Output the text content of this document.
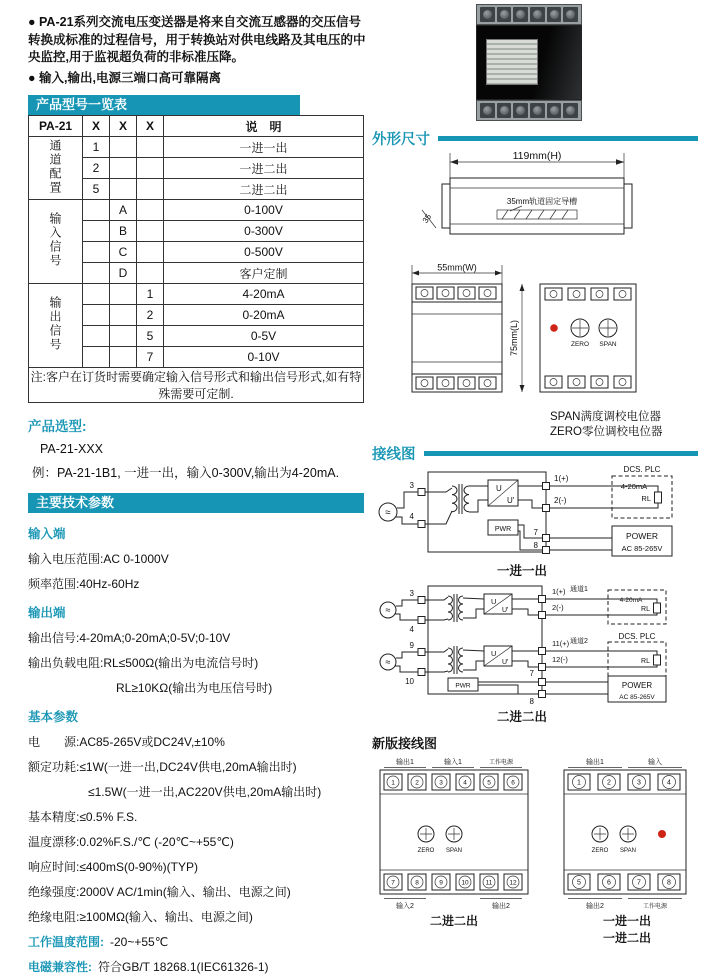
● PA-21系列交流电压变送器是将来自交流互感器的交压信号转换成标准的过程信号，用于转换站对供电线路及其电压的中央监控,用于监视超负荷的非标准压降。

● 输入,输出,电源三端口高可靠隔离

产品型号一览表
PA-21	X	X	X	说　明
通道配置	1			一进一出
	2			一进二出
	5			二进二出
输入信号		A		0-100V
		B		0-300V
		C		0-500V
		D		客户定制
输出信号			1	4-20mA
			2	0-20mA
			5	0-5V
			7	0-10V
注:客户在订货时需要确定输入信号形式和输出信号形式,如有特殊需要可定制.				
产品选型:
PA-21-XXX
例：PA-21-1B1, 一进一出，输入0-300V,输出为4-20mA.
主要技术参数
输入端

输入电压范围:AC 0-1000V

频率范围:40Hz-60Hz

输出端

输出信号:4-20mA;0-20mA;0-5V;0-10V

输出负载电阻:RL≤500Ω(输出为电流信号时)

RL≥10KΩ(输出为电压信号时)

基本参数

电　　源:AC85-265V或DC24V,±10%

额定功耗:≤1W(一进一出,DC24V供电,20mA输出时)

≤1.5W(一进一出,AC220V供电,20mA输出时)

基本精度:≤0.5% F.S.

温度漂移:0.02%F.S./℃ (-20℃~+55℃)

响应时间:≤400mS(0-90%)(TYP)

绝缘强度:2000V AC/1min(输入、输出、电源之间)

绝缘电阻:≥100MΩ(输入、输出、电源之间)

工作温度范围: -20~+55℃

电磁兼容性: 符合GB/T 18268.1(IEC61326-1)

外形尺寸
119mm(H)
35mm轨道固定导槽
35
55mm(W)
75mm(L)	ZERO SPAN
SPAN满度调校电位器
ZERO零位调校电位器
接线图
≈
3
4
U
U'
PWR
1(+)
2(-)
DCS. PLC
4-20mA
RL
7
8
POWER
AC 85-265V
一进一出
≈
3
4
U
U'
1(+)
2(-)
通道1
4-20mA
RL
DCS. PLC
≈
9
10
U
U'
11(+)
12(-)
通道2
RL
PWR
7
8
POWER
AC 85-265V
二进二出
新版接线图
输出1	输入1	工作电源
1	2	3	4	5	6
ZERO SPAN
7	8	9	10	11	12
输入2	输出2
二进二出
输出1	输入
1	2	3	4
ZERO SPAN
5	6	7	8
输出2	工作电源
一进一出
一进二出
